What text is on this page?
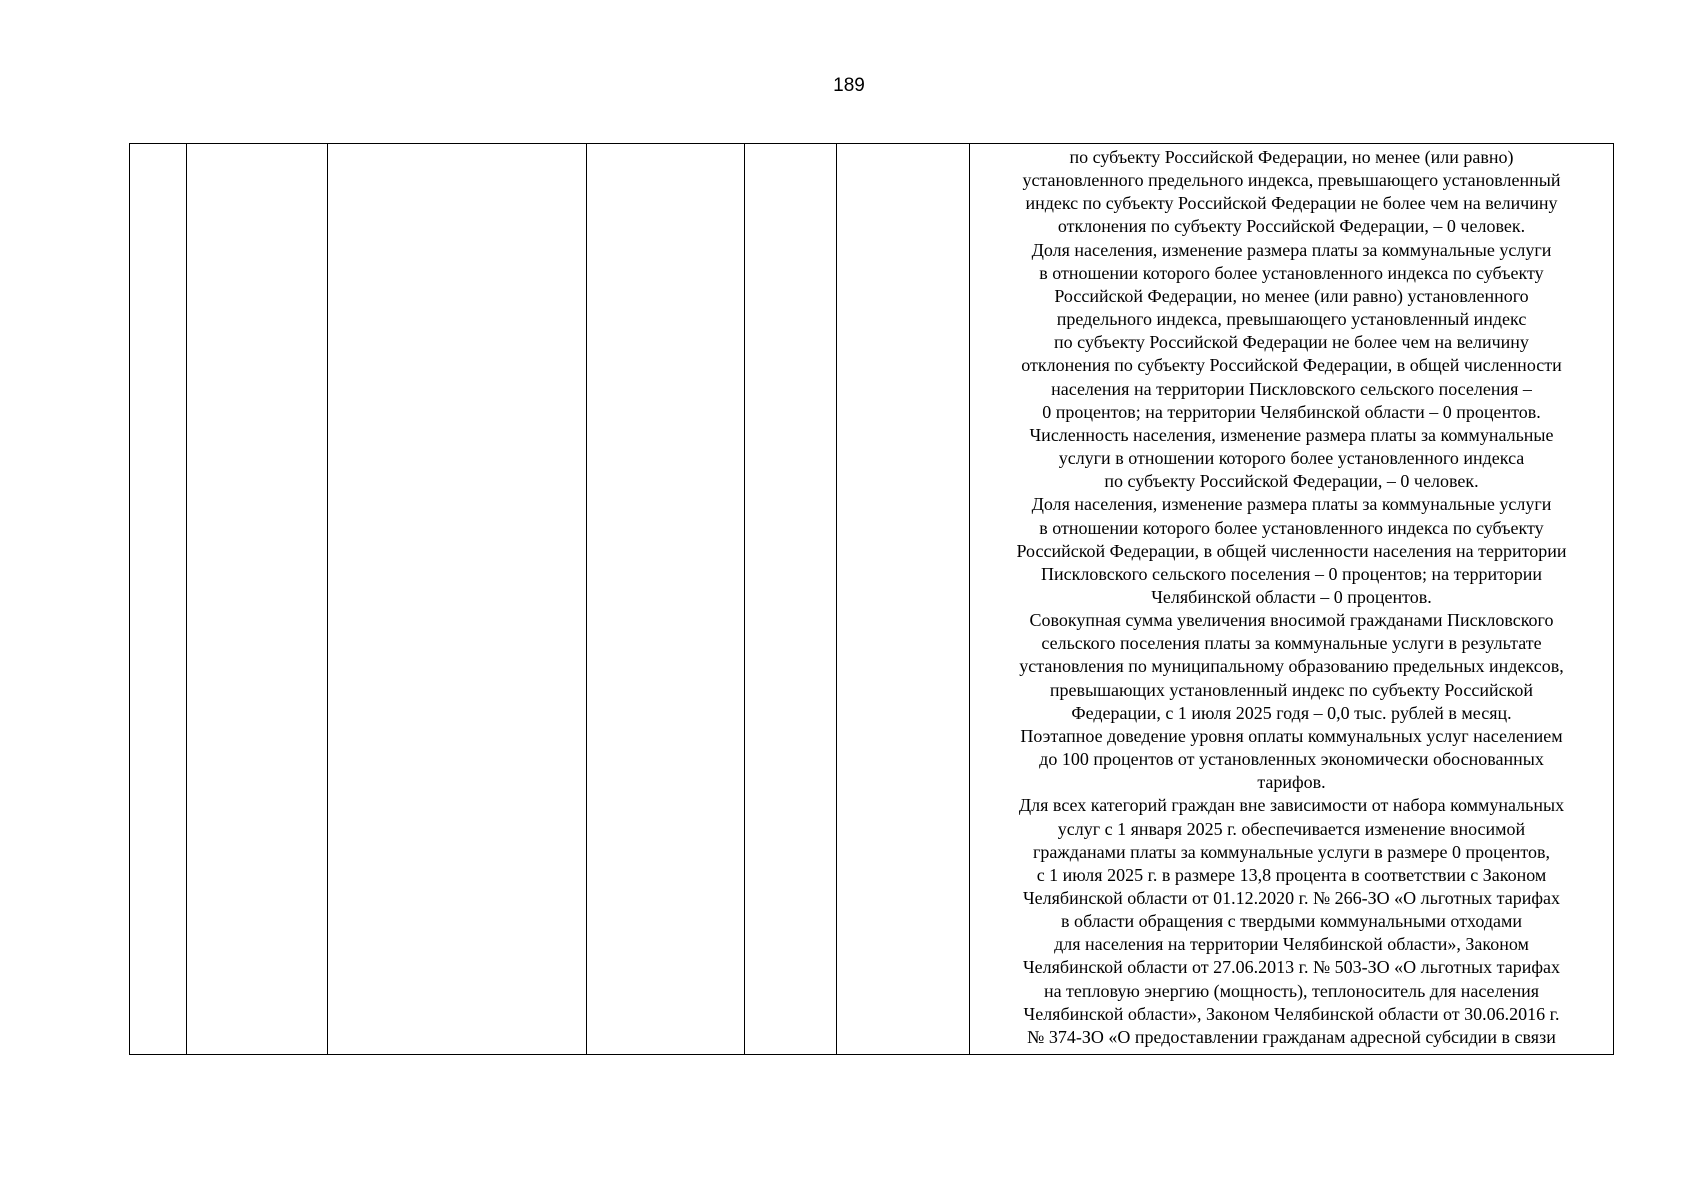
189

по субъекту Российской Федерации, но менее (или равно)
установленного предельного индекса, превышающего установленный
индекс по субъекту Российской Федерации не более чем на величину
отклонения по субъекту Российской Федерации, – 0 человек.
Доля населения, изменение размера платы за коммунальные услуги
в отношении которого более установленного индекса по субъекту
Российской Федерации, но менее (или равно) установленного
предельного индекса, превышающего установленный индекс
по субъекту Российской Федерации не более чем на величину
отклонения по субъекту Российской Федерации, в общей численности
населения на территории Пискловского сельского поселения –
0 процентов; на территории Челябинской области – 0 процентов.
Численность населения, изменение размера платы за коммунальные
услуги в отношении которого более установленного индекса
по субъекту Российской Федерации, – 0 человек.
Доля населения, изменение размера платы за коммунальные услуги
в отношении которого более установленного индекса по субъекту
Российской Федерации, в общей численности населения на территории
Пискловского сельского поселения – 0 процентов; на территории
Челябинской области – 0 процентов.
Совокупная сумма увеличения вносимой гражданами Пискловского
сельского поселения платы за коммунальные услуги в результате
установления по муниципальному образованию предельных индексов,
превышающих установленный индекс по субъекту Российской
Федерации, с 1 июля 2025 годя – 0,0 тыс. рублей в месяц.
Поэтапное доведение уровня оплаты коммунальных услуг населением
до 100 процентов от установленных экономически обоснованных
тарифов.
Для всех категорий граждан вне зависимости от набора коммунальных
услуг с 1 января 2025 г. обеспечивается изменение вносимой
гражданами платы за коммунальные услуги в размере 0 процентов,
с 1 июля 2025 г. в размере 13,8 процента в соответствии с Законом
Челябинской области от 01.12.2020 г. № 266-ЗО «О льготных тарифах
в области обращения с твердыми коммунальными отходами
для населения на территории Челябинской области», Законом
Челябинской области от 27.06.2013 г. № 503-ЗО «О льготных тарифах
на тепловую энергию (мощность), теплоноситель для населения
Челябинской области», Законом Челябинской области от 30.06.2016 г.
№ 374-ЗО «О предоставлении гражданам адресной субсидии в связи
